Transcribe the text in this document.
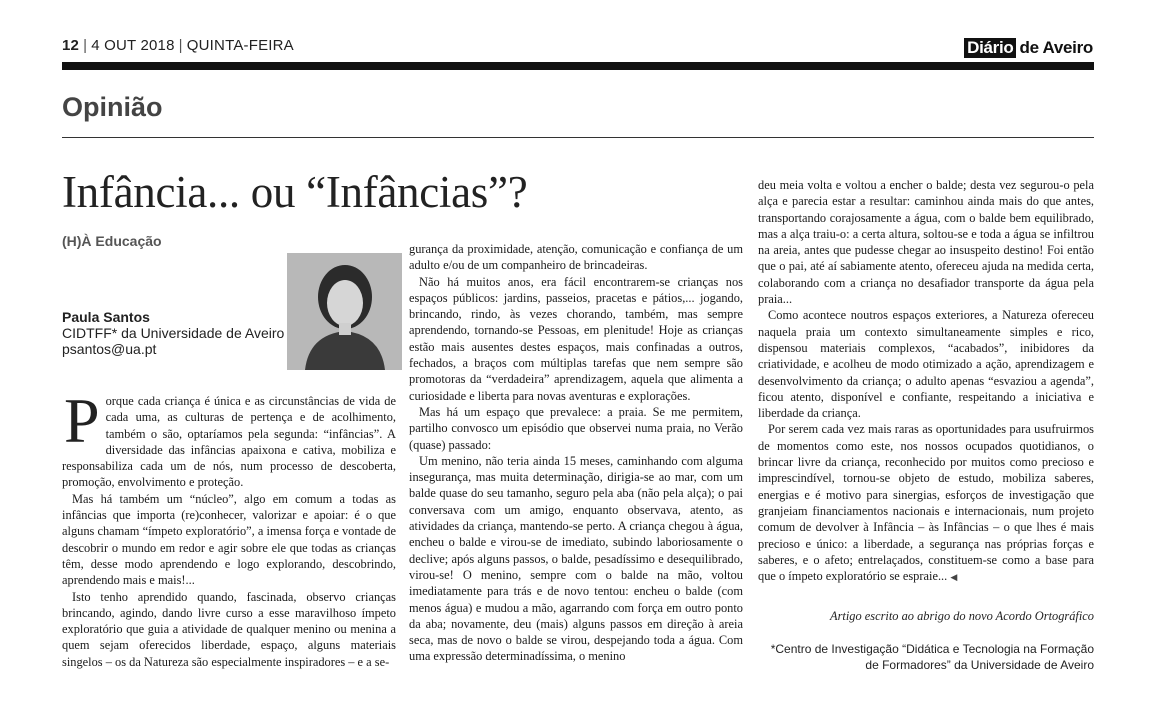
12 | 4 OUT 2018 | QUINTA-FEIRA	Diário de Aveiro
Opinião
Infância... ou “Infâncias”?
(H)À Educação
Paula Santos
CIDTFF* da Universidade de Aveiro
psantos@ua.pt
P orque cada criança é única e as circunstâncias de vida de cada uma, as culturas de pertença e de acolhimento, também o são, optaríamos pela segunda: “infâncias”. A diversidade das infâncias apaixona e cativa, mobiliza e responsabiliza cada um de nós, num processo de descoberta, promoção, envolvimento e proteção.

Mas há também um “núcleo”, algo em comum a todas as infâncias que importa (re)conhecer, valorizar e apoiar: é o que alguns chamam “ímpeto exploratório”, a imensa força e vontade de descobrir o mundo em redor e agir sobre ele que todas as crianças têm, desse modo aprendendo e logo explorando, descobrindo, aprendendo mais e mais!...

Isto tenho aprendido quando, fascinada, observo crianças brincando, agindo, dando livre curso a esse maravilhoso ímpeto exploratório que guia a atividade de qualquer menino ou menina a quem sejam oferecidos liberdade, espaço, alguns materiais singelos – os da Natureza são especialmente inspiradores – e a se-

gurança da proximidade, atenção, comunicação e confiança de um adulto e/ou de um companheiro de brincadeiras.

Não há muitos anos, era fácil encontrarem-se crianças nos espaços públicos: jardins, passeios, pracetas e pátios,... jogando, brincando, rindo, às vezes chorando, também, mas sempre aprendendo, tornando-se Pessoas, em plenitude! Hoje as crianças estão mais ausentes destes espaços, mais confinadas a outros, fechados, a braços com múltiplas tarefas que nem sempre são promotoras da “verdadeira” aprendizagem, aquela que alimenta a curiosidade e liberta para novas aventuras e explorações.

Mas há um espaço que prevalece: a praia. Se me permitem, partilho convosco um episódio que observei numa praia, no Verão (quase) passado:

Um menino, não teria ainda 15 meses, caminhando com alguma insegurança, mas muita determinação, dirigia-se ao mar, com um balde quase do seu tamanho, seguro pela aba (não pela alça); o pai conversava com um amigo, enquanto observava, atento, as atividades da criança, mantendo-se perto. A criança chegou à água, encheu o balde e virou-se de imediato, subindo laboriosamente o declive; após alguns passos, o balde, pesadíssimo e desequilibrado, virou-se! O menino, sempre com o balde na mão, voltou imediatamente para trás e de novo tentou: encheu o balde (com menos água) e mudou a mão, agarrando com força em outro ponto da aba; novamente, deu (mais) alguns passos em direção à areia seca, mas de novo o balde se virou, despejando toda a água. Com uma expressão determinadíssima, o menino

deu meia volta e voltou a encher o balde; desta vez segurou-o pela alça e parecia estar a resultar: caminhou ainda mais do que antes, transportando corajosamente a água, com o balde bem equilibrado, mas a alça traiu-o: a certa altura, soltou-se e toda a água se infiltrou na areia, antes que pudesse chegar ao insuspeito destino! Foi então que o pai, até aí sabiamente atento, ofereceu ajuda na medida certa, colaborando com a criança no desafiador transporte da água pela praia...

Como acontece noutros espaços exteriores, a Natureza ofereceu naquela praia um contexto simultaneamente simples e rico, dispensou materiais complexos, “acabados”, inibidores da criatividade, e acolheu de modo otimizado a ação, aprendizagem e desenvolvimento da criança; o adulto apenas “esvaziou a agenda”, ficou atento, disponível e confiante, respeitando a iniciativa e liberdade da criança.

Por serem cada vez mais raras as oportunidades para usufruirmos de momentos como este, nos nossos ocupados quotidianos, o brincar livre da criança, reconhecido por muitos como precioso e imprescindível, tornou-se objeto de estudo, mobiliza saberes, energias e é motivo para sinergias, esforços de investigação que granjeiam financiamentos nacionais e internacionais, num projeto comum de devolver à Infância – às Infâncias – o que lhes é mais precioso e único: a liberdade, a segurança nas próprias forças e saberes, e o afeto; entrelaçados, constituem-se como a base para que o ímpeto exploratório se espraie... ◀

Artigo escrito ao abrigo do novo Acordo Ortográfico
*Centro de Investigação “Didática e Tecnologia na Formação de Formadores” da Universidade de Aveiro
